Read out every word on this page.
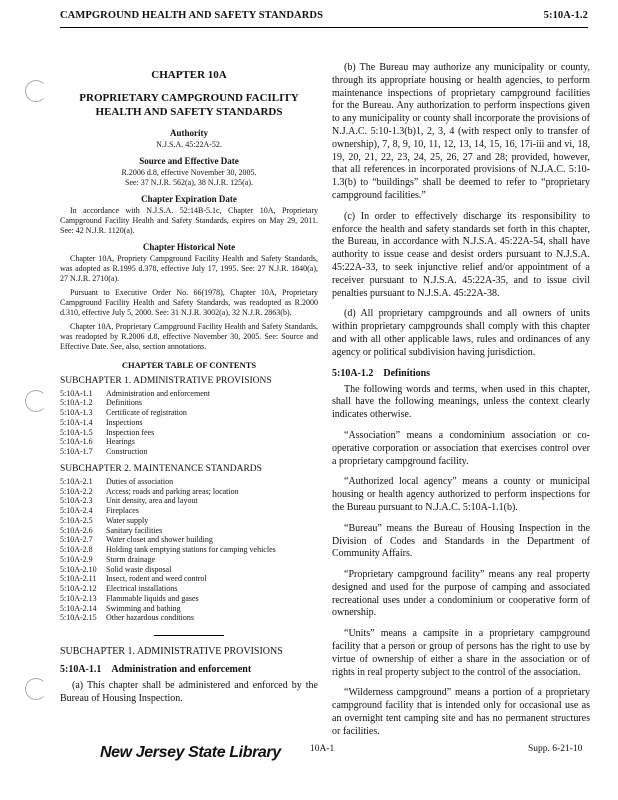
CAMPGROUND HEALTH AND SAFETY STANDARDS	5:10A-1.2
CHAPTER 10A
PROPRIETARY CAMPGROUND FACILITY HEALTH AND SAFETY STANDARDS
Authority
N.J.S.A. 45:22A-52.
Source and Effective Date
R.2006 d.8, effective November 30, 2005.
See: 37 N.J.R. 562(a), 38 N.J.R. 125(a).
Chapter Expiration Date
In accordance with N.J.S.A. 52:14B-5.1c, Chapter 10A, Proprietary Campground Facility Health and Safety Standards, expires on May 29, 2011. See: 42 N.J.R. 1120(a).
Chapter Historical Note
Chapter 10A, Propriety Campground Facility Health and Safety Standards, was adopted as R.1995 d.378, effective July 17, 1995. See: 27 N.J.R. 1840(a), 27 N.J.R. 2710(a).
Pursuant to Executive Order No. 66(1978), Chapter 10A, Proprietary Campground Facility Health and Safety Standards, was readopted as R.2000 d.310, effective July 5, 2000. See: 31 N.J.R. 3002(a), 32 N.J.R. 2863(b).
Chapter 10A, Proprietary Campground Facility Health and Safety Standards, was readopted by R.2006 d.8, effective November 30, 2005. See: Source and Effective Date. See, also, section annotations.
CHAPTER TABLE OF CONTENTS
SUBCHAPTER 1. ADMINISTRATIVE PROVISIONS
5:10A-1.1	Administration and enforcement
5:10A-1.2	Definitions
5:10A-1.3	Certificate of registration
5:10A-1.4	Inspections
5:10A-1.5	Inspection fees
5:10A-1.6	Hearings
5:10A-1.7	Construction
SUBCHAPTER 2. MAINTENANCE STANDARDS
5:10A-2.1	Duties of association
5:10A-2.2	Access; roads and parking areas; location
5:10A-2.3	Unit density, area and layout
5:10A-2.4	Fireplaces
5:10A-2.5	Water supply
5:10A-2.6	Sanitary facilities
5:10A-2.7	Water closet and shower building
5:10A-2.8	Holding tank emptying stations for camping vehicles
5:10A-2.9	Storm drainage
5:10A-2.10	Solid waste disposal
5:10A-2.11	Insect, rodent and weed control
5:10A-2.12	Electrical installations
5:10A-2.13	Flammable liquids and gases
5:10A-2.14	Swimming and bathing
5:10A-2.15	Other hazardous conditions
SUBCHAPTER 1. ADMINISTRATIVE PROVISIONS
5:10A-1.1 Administration and enforcement

(a) This chapter shall be administered and enforced by the Bureau of Housing Inspection.

(b) The Bureau may authorize any municipality or county, through its appropriate housing or health agencies, to perform maintenance inspections of proprietary campground facilities for the Bureau. Any authorization to perform inspections given to any municipality or county shall incorporate the provisions of N.J.A.C. 5:10-1.3(b)1, 2, 3, 4 (with respect only to transfer of ownership), 7, 8, 9, 10, 11, 12, 13, 14, 15, 16, 17i-iii and vi, 18, 19, 20, 21, 22, 23, 24, 25, 26, 27 and 28; provided, however, that all references in incorporated provisions of N.J.A.C. 5:10-1.3(b) to “buildings” shall be deemed to refer to “proprietary campground facilities.”

(c) In order to effectively discharge its responsibility to enforce the health and safety standards set forth in this chapter, the Bureau, in accordance with N.J.S.A. 45:22A-54, shall have authority to issue cease and desist orders pursuant to N.J.S.A. 45:22A-33, to seek injunctive relief and/or appointment of a receiver pursuant to N.J.S.A. 45:22A-35, and to issue civil penalties pursuant to N.J.S.A. 45:22A-38.

(d) All proprietary campgrounds and all owners of units within proprietary campgrounds shall comply with this chapter and with all other applicable laws, rules and ordinances of any agency or political subdivision having jurisdiction.

5:10A-1.2 Definitions

The following words and terms, when used in this chapter, shall have the following meanings, unless the context clearly indicates otherwise.

“Association” means a condominium association or co-operative corporation or association that exercises control over a proprietary campground facility.

“Authorized local agency” means a county or municipal housing or health agency authorized to perform inspections for the Bureau pursuant to N.J.A.C. 5:10A-1.1(b).

“Bureau” means the Bureau of Housing Inspection in the Division of Codes and Standards in the Department of Community Affairs.

“Proprietary campground facility” means any real property designed and used for the purpose of camping and associated recreational uses under a condominium or cooperative form of ownership.

“Units” means a campsite in a proprietary campground facility that a person or group of persons has the right to use by virtue of ownership of either a share in the association or of rights in real property subject to the control of the association.

“Wilderness campground” means a portion of a proprietary campground facility that is intended only for occasional use as an overnight tent camping site and has no permanent structures or facilities.

New Jersey State Library	10A-1	Supp. 6-21-10
